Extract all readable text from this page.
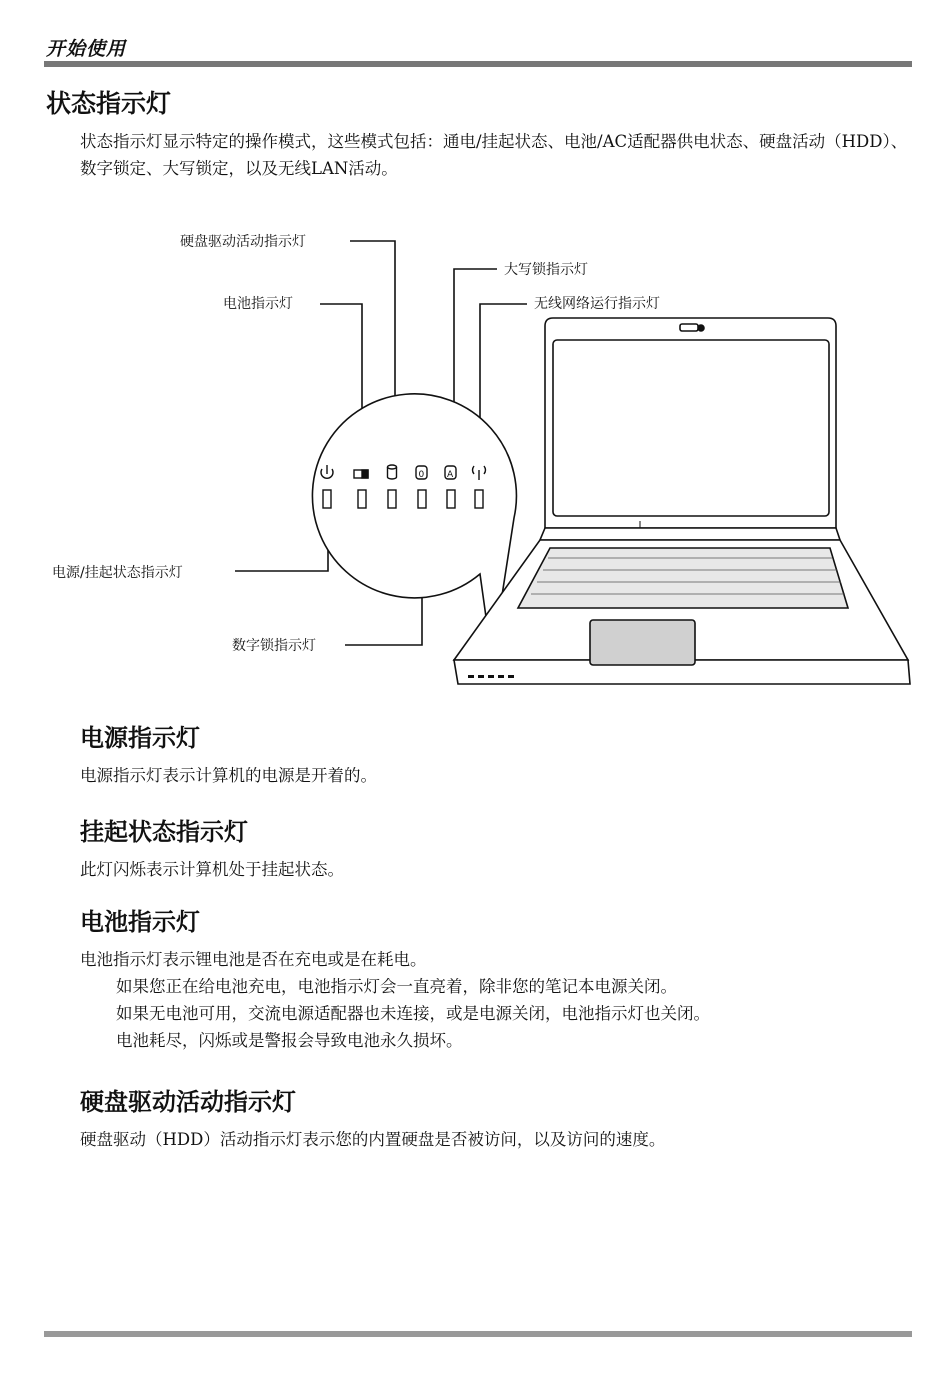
开始使用
状态指示灯
状态指示灯显示特定的操作模式，这些模式包括：通电/挂起状态、电池/AC适配器供电状态、硬盘活动（HDD）、数字锁定、大写锁定，以及无线LAN活动。
硬盘驱动活动指示灯
电池指示灯
大写锁指示灯
无线网络运行指示灯
电源/挂起状态指示灯
数字锁指示灯
0	A
电源指示灯

电源指示灯表示计算机的电源是开着的。

挂起状态指示灯

此灯闪烁表示计算机处于挂起状态。

电池指示灯

电池指示灯表示锂电池是否在充电或是在耗电。

如果您正在给电池充电，电池指示灯会一直亮着，除非您的笔记本电源关闭。
如果无电池可用，交流电源适配器也未连接，或是电源关闭，电池指示灯也关闭。
电池耗尽，闪烁或是警报会导致电池永久损坏。
硬盘驱动活动指示灯

硬盘驱动（HDD）活动指示灯表示您的内置硬盘是否被访问，以及访问的速度。
